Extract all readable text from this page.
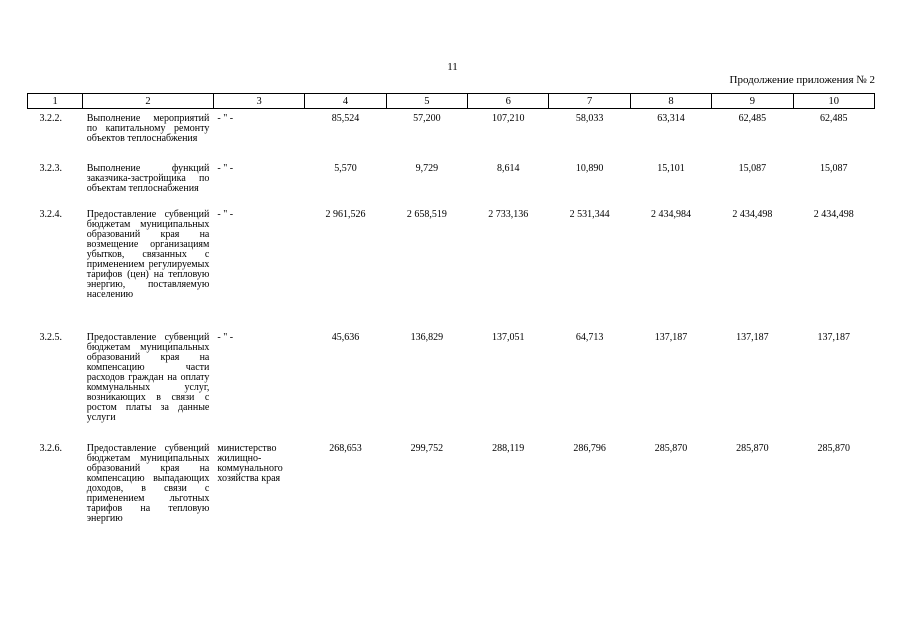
11
Продолжение приложения № 2
1	2	3	4	5	6	7	8	9	10
3.2.2.	Выполнение мероприятий по капитальному ремонту объектов теплоснабжения	- " -	85,524	57,200	107,210	58,033	63,314	62,485	62,485
3.2.3.	Выполнение функций заказчика-застройщика по объектам теплоснабжения	- " -	5,570	9,729	8,614	10,890	15,101	15,087	15,087
3.2.4.	Предоставление субвенций бюджетам муниципальных образований края на возмещение организациям убытков, связанных с применением регулируемых тарифов (цен) на тепловую энергию, поставляемую населению	- " -	2 961,526	2 658,519	2 733,136	2 531,344	2 434,984	2 434,498	2 434,498
3.2.5.	Предоставление субвенций бюджетам муниципальных образований края на компенсацию части расходов граждан на оплату коммунальных услуг, возникающих в связи с ростом платы за данные услуги	- " -	45,636	136,829	137,051	64,713	137,187	137,187	137,187
3.2.6.	Предоставление субвенций бюджетам муниципальных образований края на компенсацию выпадающих доходов, в связи с применением льготных тарифов на тепловую энергию	министерство жилищно-коммунального хозяйства края	268,653	299,752	288,119	286,796	285,870	285,870	285,870
